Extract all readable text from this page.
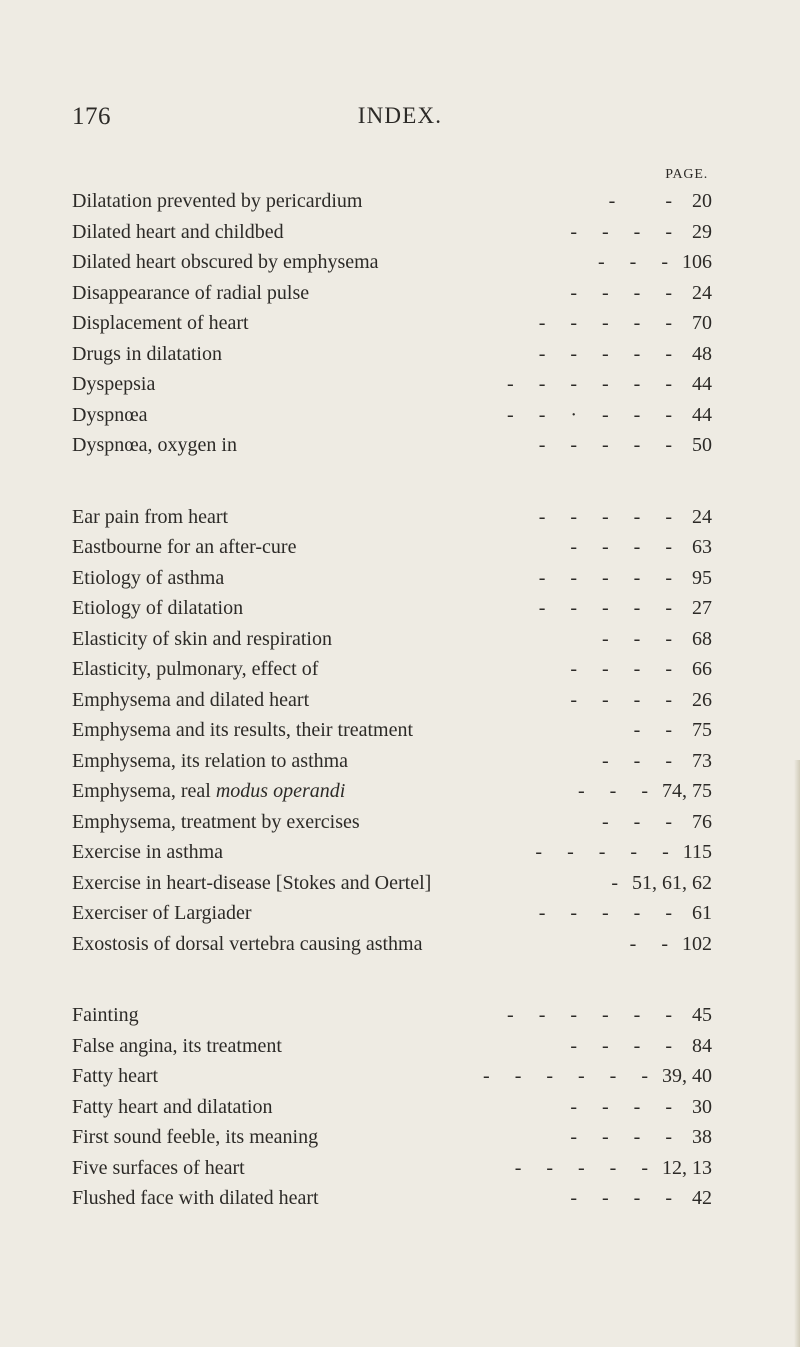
176	INDEX.
PAGE.
Dilatation prevented by pericardium	-          - 20
Dilated heart and childbed	-     -     -     - 29
Dilated heart obscured by emphysema	-     -     - 106
Disappearance of radial pulse	-     -     -     - 24
Displacement of heart	-     -     -     -     - 70
Drugs in dilatation	-     -     -     -     - 48
Dyspepsia	-     -     -     -     -     - 44
Dyspnœa	-     -     ·     -     -     - 44
Dyspnœa, oxygen in	-     -     -     -     - 50
Ear pain from heart	-     -     -     -     - 24
Eastbourne for an after-cure	-     -     -     - 63
Etiology of asthma	-     -     -     -     - 95
Etiology of dilatation	-     -     -     -     - 27
Elasticity of skin and respiration	-     -     - 68
Elasticity, pulmonary, effect of	-     -     -     - 66
Emphysema and dilated heart	-     -     -     - 26
Emphysema and its results, their treatment	-     - 75
Emphysema, its relation to asthma	-     -     - 73
Emphysema, real modus operandi	-     -     - 74, 75
Emphysema, treatment by exercises	-     -     - 76
Exercise in asthma	-     -     -     -     - 115
Exercise in heart-disease [Stokes and Oertel]	- 51, 61, 62
Exerciser of Largiader	-     -     -     -     - 61
Exostosis of dorsal vertebra causing asthma	-     - 102
Fainting	-     -     -     -     -     - 45
False angina, its treatment	-     -     -     - 84
Fatty heart	-     -     -     -     -     - 39, 40
Fatty heart and dilatation	-     -     -     - 30
First sound feeble, its meaning	-     -     -     - 38
Five surfaces of heart	-     -     -     -     - 12, 13
Flushed face with dilated heart	-     -     -     - 42
